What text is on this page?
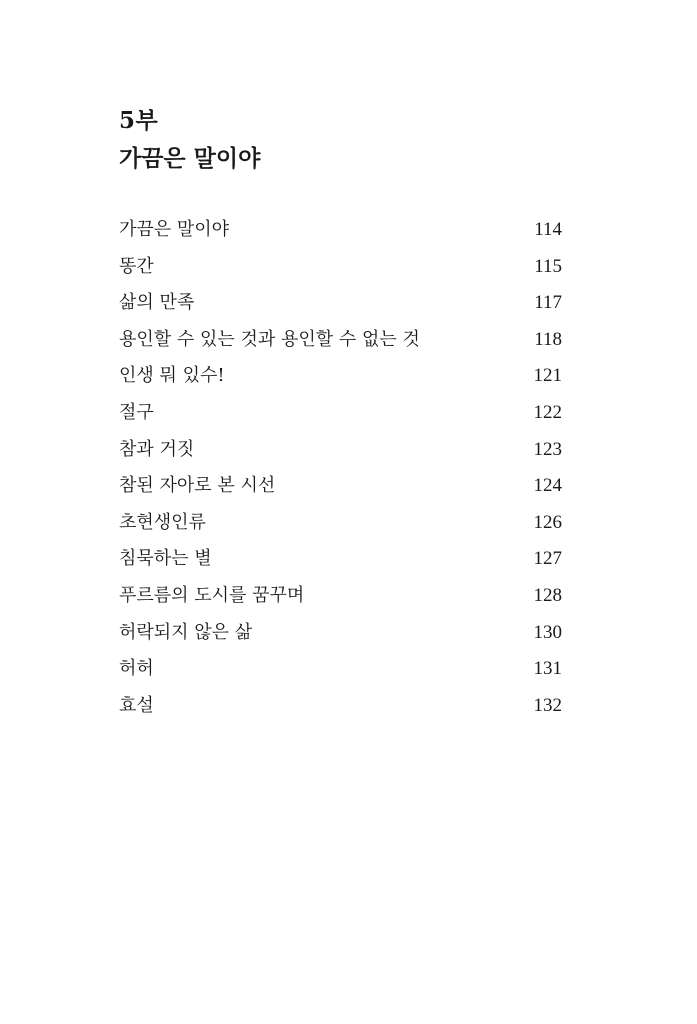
5부
가끔은 말이야
가끔은 말이야	114
똥간	115
삶의 만족	117
용인할 수 있는 것과 용인할 수 없는 것	118
인생 뭐 있수!	121
절구	122
참과 거짓	123
참된 자아로 본 시선	124
초현생인류	126
침묵하는 별	127
푸르름의 도시를 꿈꾸며	128
허락되지 않은 삶	130
허허	131
효설	132
